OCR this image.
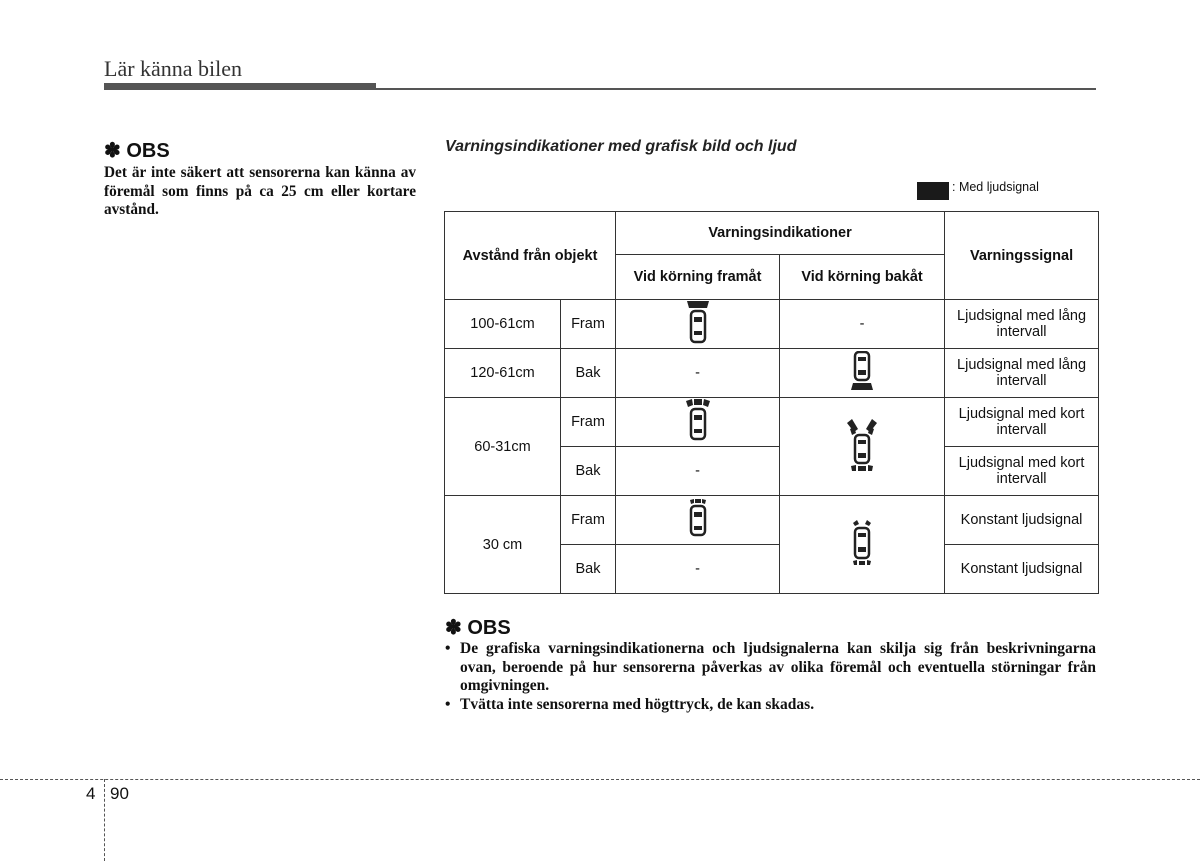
Lär känna bilen
✽ OBS
Det är inte säkert att sensorerna kan känna av föremål som finns på ca 25 cm eller kortare avstånd.
Varningsindikationer med grafisk bild och ljud
: Med ljudsignal
Avstånd från objekt		Varningsindikationer		Varningssignal
		Vid körning framåt	Vid körning bakåt	
100-61cm	Fram		-	Ljudsignal med lång intervall
120-61cm	Bak	-		Ljudsignal med lång intervall
60-31cm	Fram			Ljudsignal med kort intervall
	Bak	-		Ljudsignal med kort intervall
30 cm	Fram			Konstant ljudsignal
	Bak	-		Konstant ljudsignal
✽ OBS
• De grafiska varningsindikationerna och ljudsignalerna kan skilja sig från beskrivningarna ovan, beroende på hur sensorerna påverkas av olika föremål och eventuella störningar från omgivningen.
• Tvätta inte sensorerna med högttryck, de kan skadas.
4 90
